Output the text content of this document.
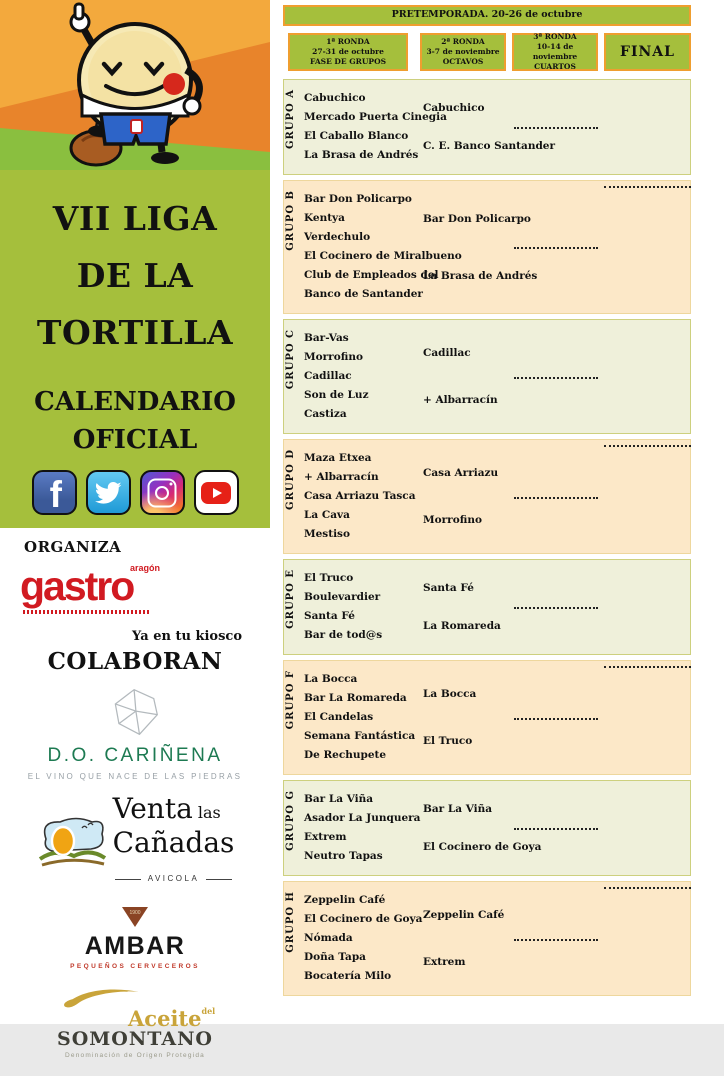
VII LIGA
DE LA
TORTILLA
CALENDARIO
OFICIAL
f
ORGANIZA
aragón
gastro
Ya en tu kiosco
COLABORAN
D.O. CARIÑENA
EL VINO QUE NACE DE LAS PIEDRAS
Venta las
Cañadas
AVICOLA
1900
AMBAR
PEQUEÑOS CERVECEROS
Aceite$^{del}$
SOMONTANO
Denominación de Origen Protegida
PRETEMPORADA. 20-26 de octubre
1ª RONDA
27-31 de octubre
FASE DE GRUPOS
2ª RONDA
3-7 de noviembre
OCTAVOS
3ª RONDA
10-14 de noviembre
CUARTOS
FINAL
GRUPO A Cabuchico
Mercado Puerta Cinegia
El Caballo Blanco
La Brasa de Andrés
Cabuchico
C. E. Banco Santander
GRUPO B Bar Don Policarpo
Kentya
Verdechulo
El Cocinero de Miralbueno
Club de Empleados del
Banco de Santander
Bar Don Policarpo
La Brasa de Andrés
GRUPO C Bar-Vas
Morrofino
Cadillac
Son de Luz
Castiza
Cadillac
+ Albarracín
GRUPO D Maza Etxea
+ Albarracín
Casa Arriazu Tasca
La Cava
Mestiso
Casa Arriazu
Morrofino
GRUPO E El Truco
Boulevardier
Santa Fé
Bar de tod@s
Santa Fé
La Romareda
GRUPO F La Bocca
Bar La Romareda
El Candelas
Semana Fantástica
De Rechupete
La Bocca
El Truco
GRUPO G Bar La Viña
Asador La Junquera
Extrem
Neutro Tapas
Bar La Viña
El Cocinero de Goya
GRUPO H Zeppelin Café
El Cocinero de Goya
Nómada
Doña Tapa
Bocatería Milo
Zeppelin Café
Extrem
